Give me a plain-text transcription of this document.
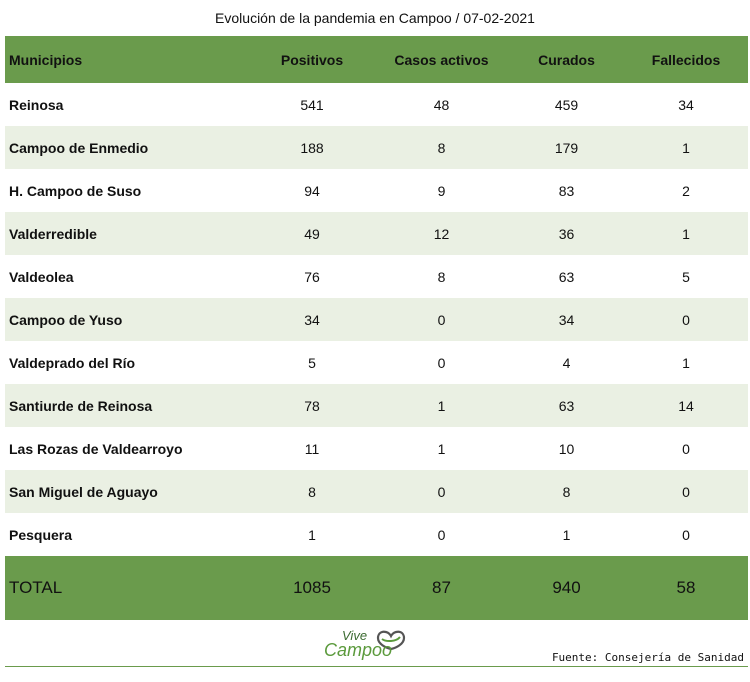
Evolución de la pandemia en Campoo / 07-02-2021
Municipios	Positivos	Casos activos	Curados	Fallecidos
Reinosa	541	48	459	34
Campoo de Enmedio	188	8	179	1
H. Campoo de Suso	94	9	83	2
Valderredible	49	12	36	1
Valdeolea	76	8	63	5
Campoo de Yuso	34	0	34	0
Valdeprado del Río	5	0	4	1
Santiurde de Reinosa	78	1	63	14
Las Rozas de Valdearroyo	11	1	10	0
San Miguel de Aguayo	8	0	8	0
Pesquera	1	0	1	0
TOTAL	1085	87	940	58
Vive
Campoo	Fuente: Consejería de Sanidad
